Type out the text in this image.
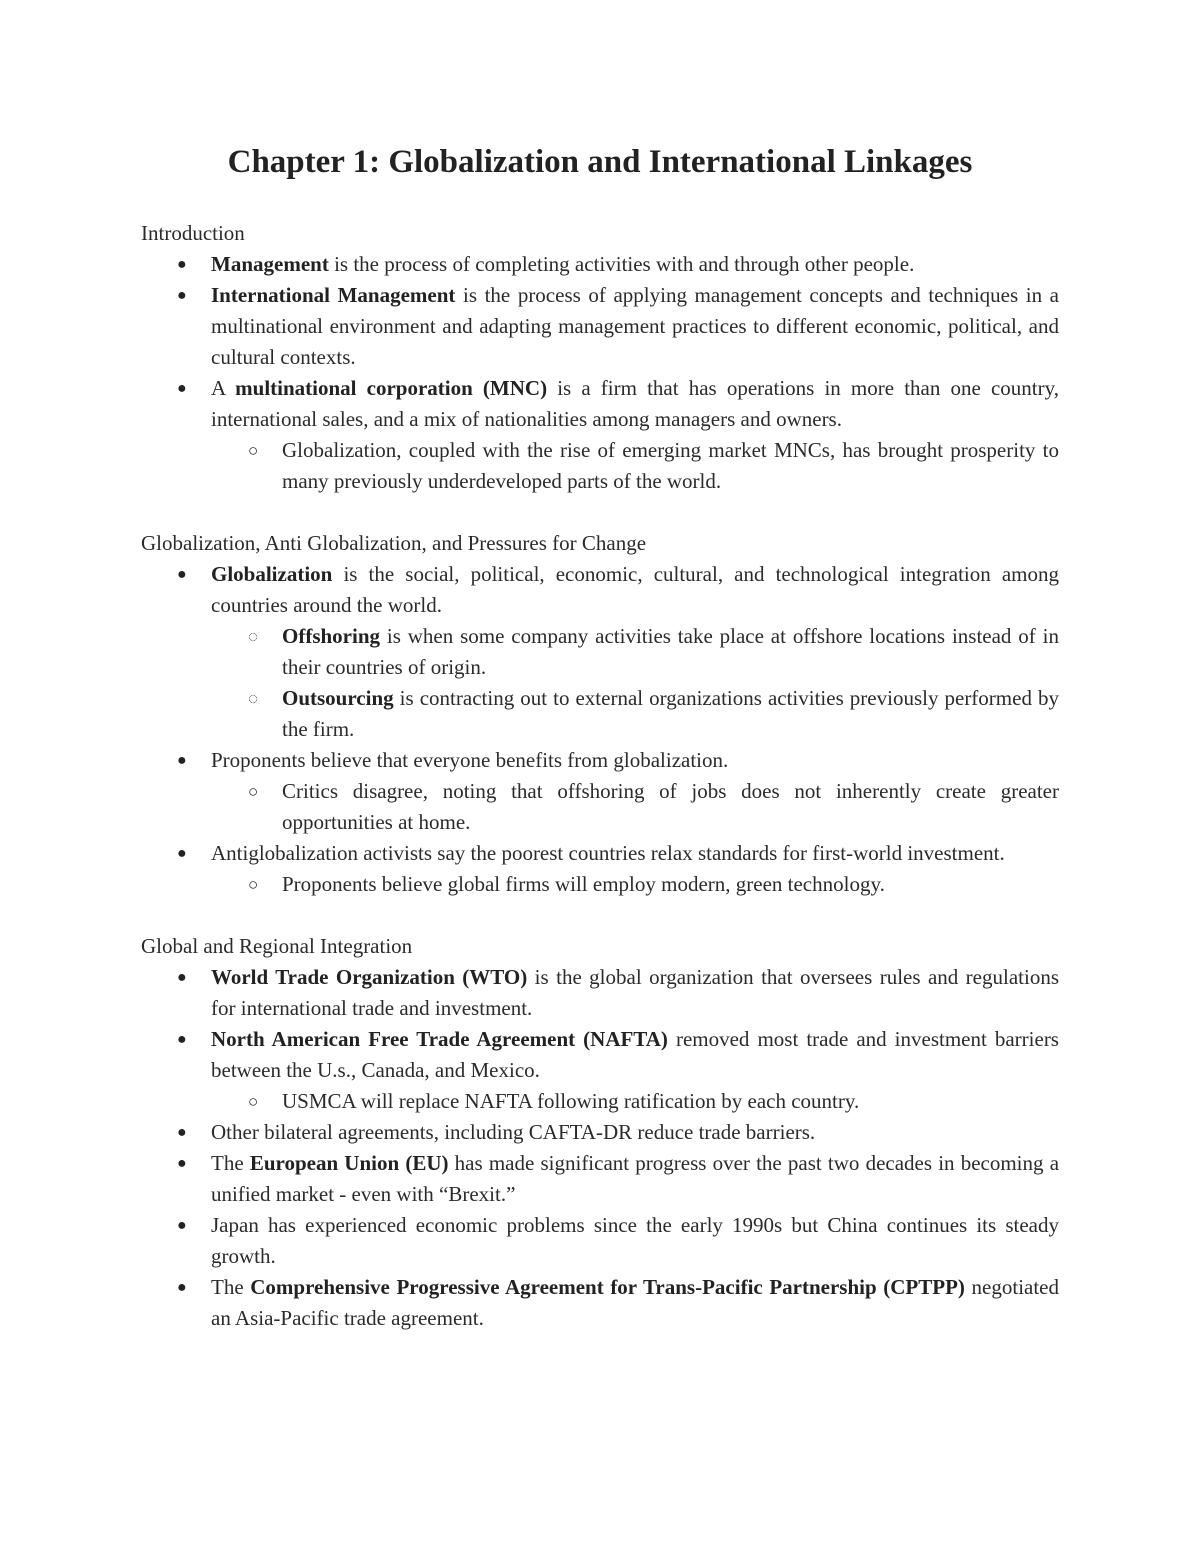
Chapter 1: Globalization and International Linkages

Introduction

● Management is the process of completing activities with and through other people.
● International Management is the process of applying management concepts and techniques in a multinational environment and adapting management practices to different economic, political, and cultural contexts.
● A multinational corporation (MNC) is a firm that has operations in more than one country, international sales, and a mix of nationalities among managers and owners.
○ Globalization, coupled with the rise of emerging market MNCs, has brought prosperity to many previously underdeveloped parts of the world.

Globalization, Anti Globalization, and Pressures for Change

● Globalization is the social, political, economic, cultural, and technological integration among countries around the world.
◌ Offshoring is when some company activities take place at offshore locations instead of in their countries of origin.
◌ Outsourcing is contracting out to external organizations activities previously performed by the firm.
● Proponents believe that everyone benefits from globalization.
○ Critics disagree, noting that offshoring of jobs does not inherently create greater opportunities at home.
● Antiglobalization activists say the poorest countries relax standards for first-world investment.
○ Proponents believe global firms will employ modern, green technology.

Global and Regional Integration

● World Trade Organization (WTO) is the global organization that oversees rules and regulations for international trade and investment.
● North American Free Trade Agreement (NAFTA) removed most trade and investment barriers between the U.s., Canada, and Mexico.
○ USMCA will replace NAFTA following ratification by each country.
● Other bilateral agreements, including CAFTA-DR reduce trade barriers.
● The European Union (EU) has made significant progress over the past two decades in becoming a unified market - even with “Brexit.”
● Japan has experienced economic problems since the early 1990s but China continues its steady growth.
● The Comprehensive Progressive Agreement for Trans-Pacific Partnership (CPTPP) negotiated an Asia-Pacific trade agreement.
